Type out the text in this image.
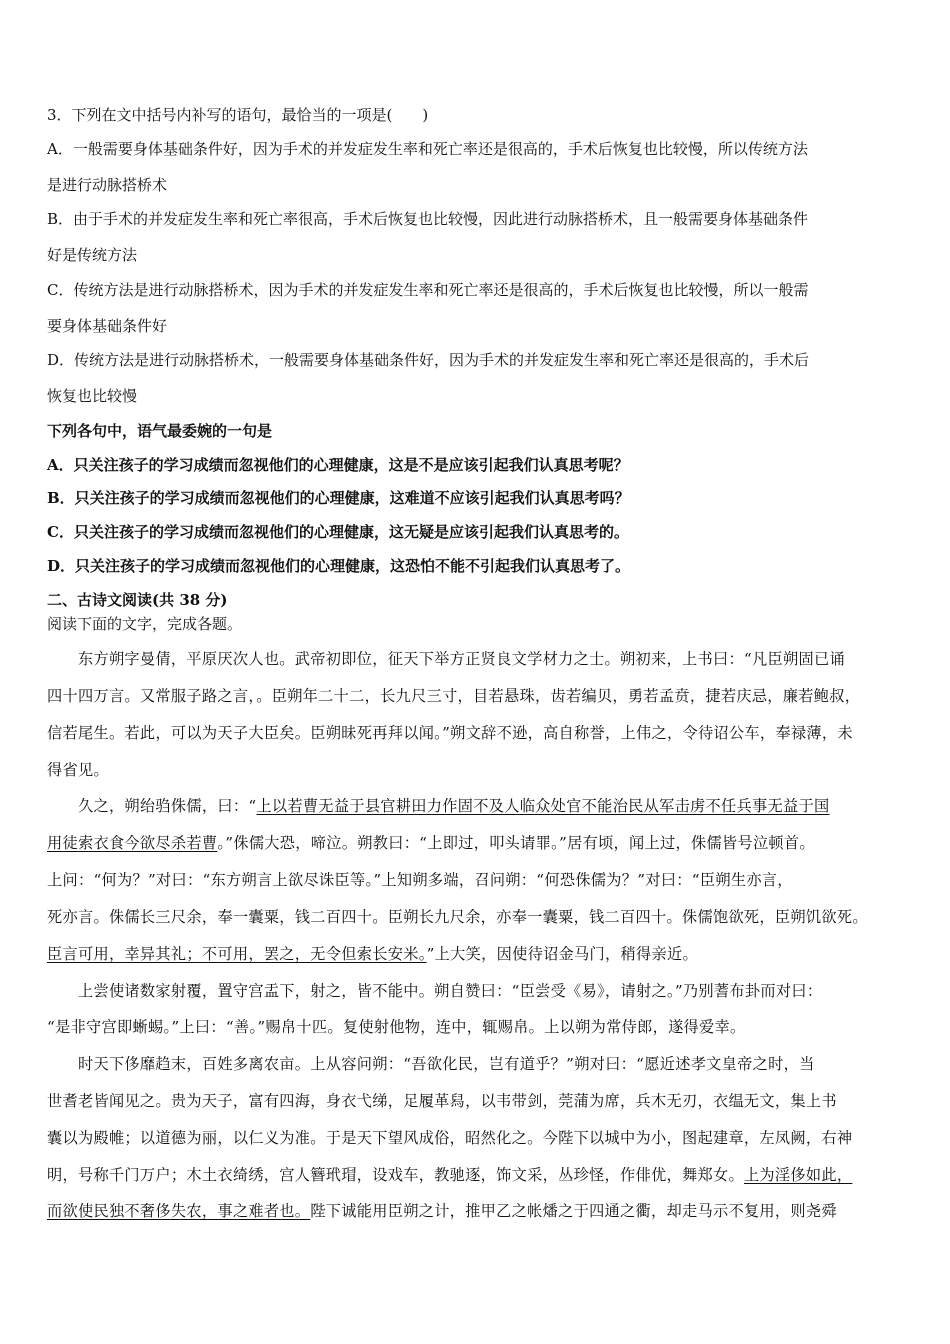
3．下列在文中括号内补写的语句，最恰当的一项是(　　)
A．一般需要身体基础条件好，因为手术的并发症发生率和死亡率还是很高的，手术后恢复也比较慢，所以传统方法
是进行动脉搭桥术
B．由于手术的并发症发生率和死亡率很高，手术后恢复也比较慢，因此进行动脉搭桥术，且一般需要身体基础条件
好是传统方法
C．传统方法是进行动脉搭桥术，因为手术的并发症发生率和死亡率还是很高的，手术后恢复也比较慢，所以一般需
要身体基础条件好
D．传统方法是进行动脉搭桥术，一般需要身体基础条件好，因为手术的并发症发生率和死亡率还是很高的，手术后
恢复也比较慢
下列各句中，语气最委婉的一句是
A．只关注孩子的学习成绩而忽视他们的心理健康，这是不是应该引起我们认真思考呢？
B．只关注孩子的学习成绩而忽视他们的心理健康，这难道不应该引起我们认真思考吗？
C．只关注孩子的学习成绩而忽视他们的心理健康，这无疑是应该引起我们认真思考的。
D．只关注孩子的学习成绩而忽视他们的心理健康，这恐怕不能不引起我们认真思考了。
二、古诗文阅读(共 38 分)
阅读下面的文字，完成各题。
　　东方朔字曼倩，平原厌次人也。武帝初即位，征天下举方正贤良文学材力之士。朔初来，上书曰：“凡臣朔固已诵
四十四万言。又常服子路之言，。臣朔年二十二，长九尺三寸，目若悬珠，齿若编贝，勇若孟贲，捷若庆忌，廉若鲍叔，
信若尾生。若此，可以为天子大臣矣。臣朔昧死再拜以闻。”朔文辞不逊，高自称誉，上伟之，令待诏公车，奉禄薄，未
得省见。
　　久之，朔绐驺侏儒，曰：“上以若曹无益于县官耕田力作固不及人临众处官不能治民从军击虏不任兵事无益于国
用徒索衣食今欲尽杀若曹。”侏儒大恐，啼泣。朔教曰：“上即过，叩头请罪。”居有顷，闻上过，侏儒皆号泣顿首。
上问：“何为？”对曰：“东方朔言上欲尽诛臣等。”上知朔多端，召问朔：“何恐侏儒为？”对曰：“臣朔生亦言，
死亦言。侏儒长三尺余，奉一囊粟，钱二百四十。臣朔长九尺余，亦奉一囊粟，钱二百四十。侏儒饱欲死，臣朔饥欲死。
臣言可用，幸异其礼；不可用，罢之，无令但索长安米。”上大笑，因使待诏金马门，稍得亲近。
　　上尝使诸数家射覆，置守宫盂下，射之，皆不能中。朔自赞曰：“臣尝受《易》，请射之。”乃别蓍布卦而对曰：
“是非守宫即蜥蜴。”上曰：“善。”赐帛十匹。复使射他物，连中，辄赐帛。上以朔为常侍郎，遂得爱幸。
　　时天下侈靡趋末，百姓多离农亩。上从容问朔：“吾欲化民，岂有道乎？”朔对曰：“愿近述孝文皇帝之时，当
世耆老皆闻见之。贵为天子，富有四海，身衣弋绨，足履革舄，以韦带剑，莞蒲为席，兵木无刃，衣缊无文，集上书
囊以为殿帷；以道德为丽，以仁义为准。于是天下望风成俗，昭然化之。今陛下以城中为小，图起建章，左凤阙，右神
明，号称千门万户；木土衣绮绣，宫人簪玳瑁，设戏车，教驰逐，饰文采，丛珍怪，作俳优，舞郑女。上为淫侈如此，
而欲使民独不奢侈失农，事之难者也。陛下诚能用臣朔之计，推甲乙之帐燔之于四通之衢，却走马示不复用，则尧舜
